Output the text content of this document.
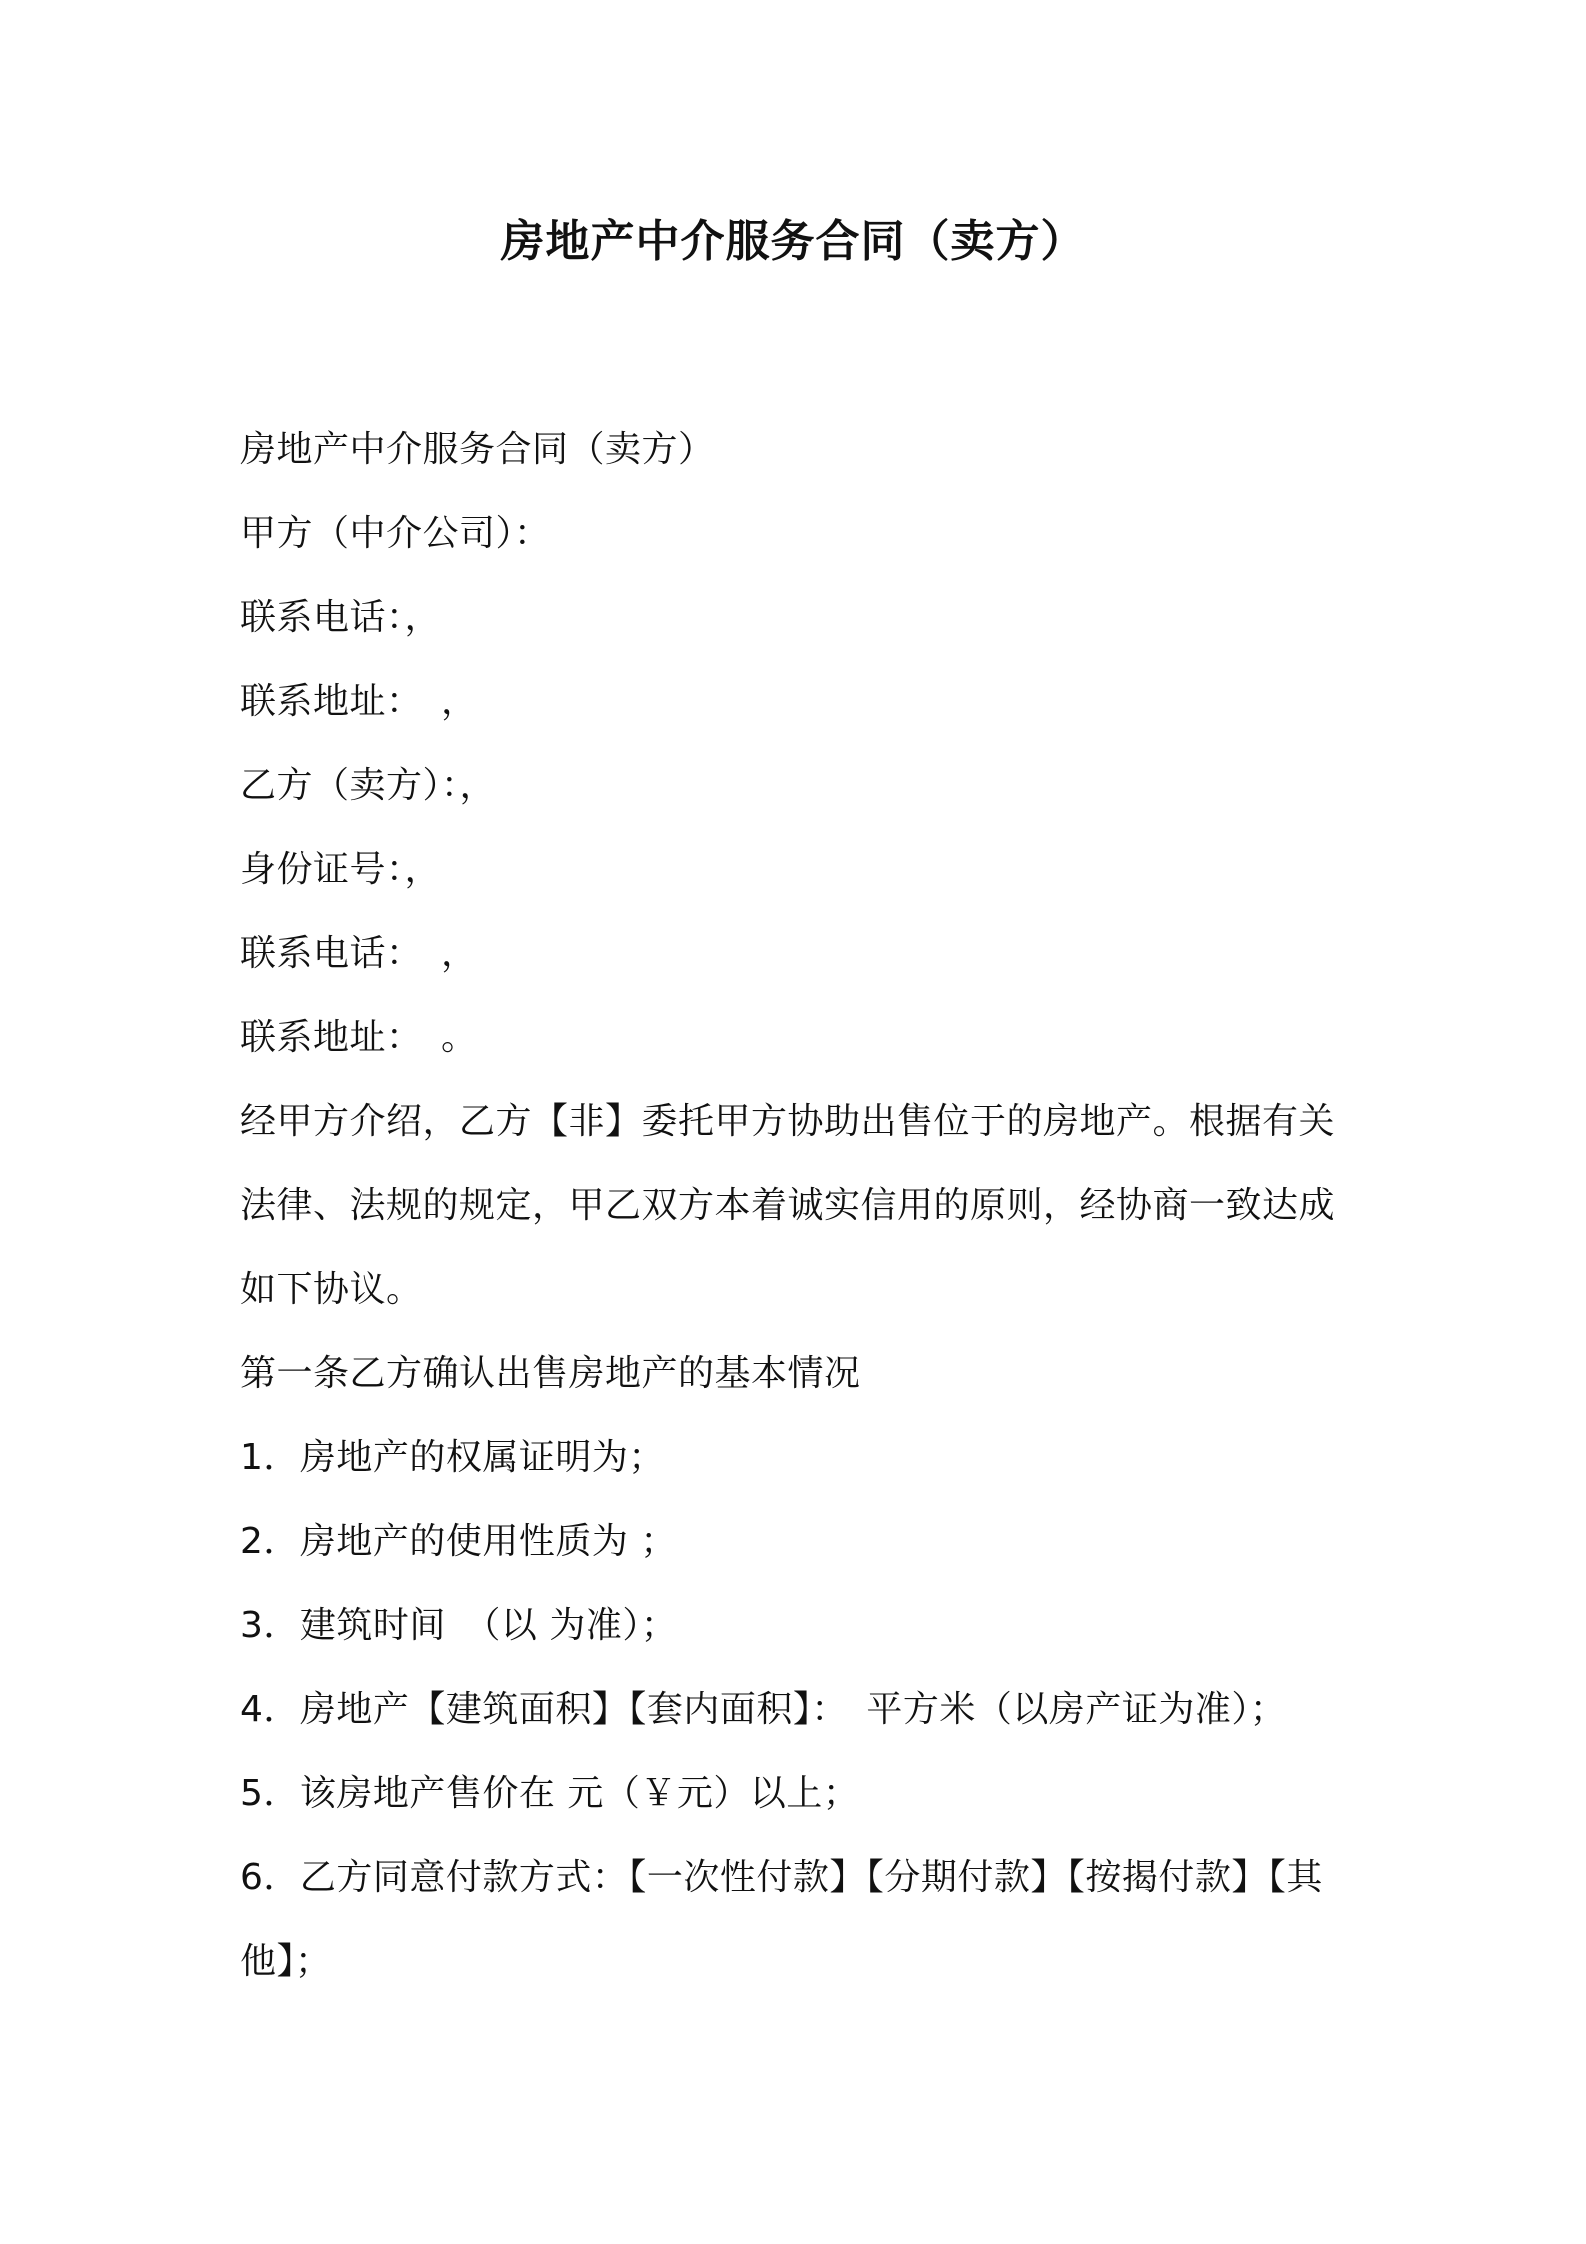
房地产中介服务合同（卖方）

房地产中介服务合同（卖方）

甲方（中介公司）：

联系电话：，

联系地址：　，

乙方（卖方）：，

身份证号：，

联系电话：　，

联系地址：　。

经甲方介绍，乙方【非】委托甲方协助出售位于的房地产。根据有关法律、法规的规定，甲乙双方本着诚实信用的原则，经协商一致达成如下协议。

第一条乙方确认出售房地产的基本情况

1．房地产的权属证明为；

2．房地产的使用性质为 ；

3．建筑时间　（以 为准）；

4．房地产【建筑面积】【套内面积】：　平方米（以房产证为准）；

5．该房地产售价在 元（￥元）以上；

6．乙方同意付款方式：【一次性付款】【分期付款】【按揭付款】【其他】；
